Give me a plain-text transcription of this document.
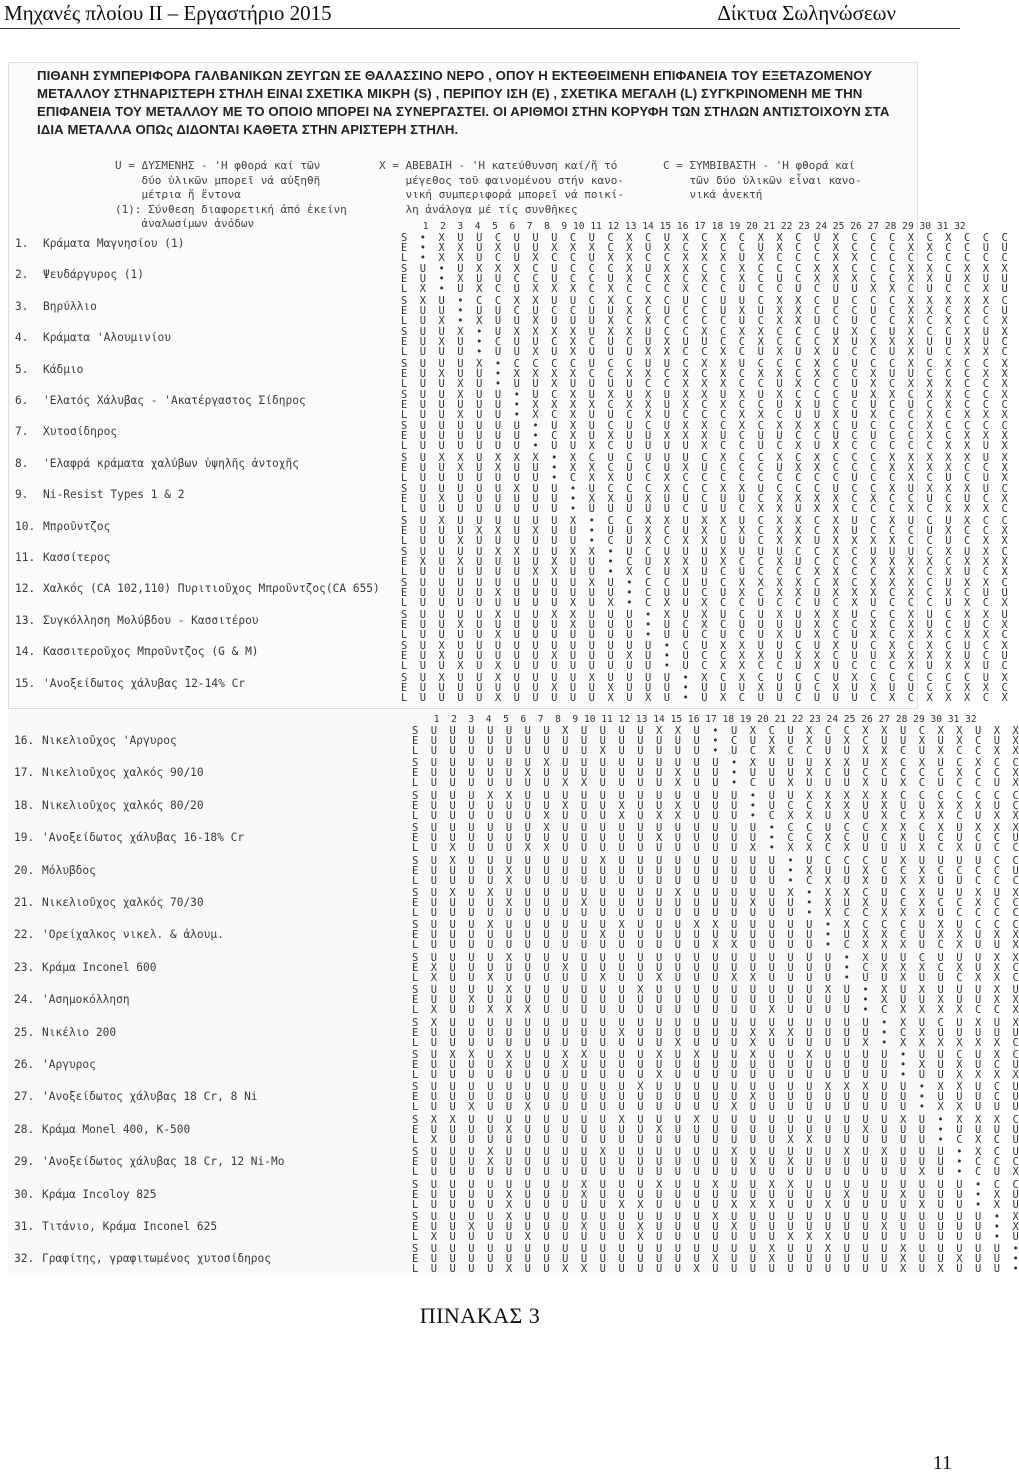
Μηχανές πλοίου ΙΙ – Εργαστήριο 2015	Δίκτυα Σωληνώσεων
ΠΙΘΑΝΗ ΣΥΜΠΕΡΙΦΟΡΑ ΓΑΛΒΑΝΙΚΩΝ ΖΕΥΓΩΝ ΣΕ ΘΑΛΑΣΣΙΝΟ ΝΕΡΟ , ΟΠΟΥ Η ΕΚΤΕΘΕΙΜΕΝΗ ΕΠΙΦΑΝΕΙΑ ΤΟΥ ΕΞΕΤΑΖΟΜΕΝΟΥ ΜΕΤΑΛΛΟΥ ΣΤΗΝΑΡΙΣΤΕΡΗ ΣΤΗΛΗ ΕΙΝΑΙ ΣΧΕΤΙΚΑ ΜΙΚΡΗ (S) , ΠΕΡΙΠΟΥ ΙΣΗ (E) , ΣΧΕΤΙΚΑ ΜΕΓΑΛΗ (L) ΣΥΓΚΡΙΝΟΜΕΝΗ ΜΕ ΤΗΝ ΕΠΙΦΑΝΕΙΑ ΤΟΥ ΜΕΤΑΛΛΟΥ ΜΕ ΤΟ ΟΠΟΙΟ ΜΠΟΡΕΙ ΝΑ ΣΥΝΕΡΓΑΣΤΕΙ. ΟΙ ΑΡΙΘΜΟΙ ΣΤΗΝ ΚΟΡΥΦΗ ΤΩΝ ΣΤΗΛΩΝ ΑΝΤΙΣΤΟΙΧΟΥΝ ΣΤΑ ΙΔΙΑ ΜΕΤΑΛΛΑ ΟΠΩς ΔΙΔΟΝΤΑΙ ΚΑΘΕΤΑ ΣΤΗΝ ΑΡΙΣΤΕΡΗ ΣΤΗΛΗ.
U = ΔΥΣΜΕΝΗΣ - 'Η φθορά καί τῶν
δύο ὑλικῶν μπορεῖ νά αὐξηθῆ
μέτρια ἤ ἔντονα
(1): Σύνθεση διαφορετική ἀπό ἐκείνη
ἀναλωσίμων ἀνόδων
X = ΑΒΕΒΑΙΗ - 'Η κατεύθυνση καί/ἤ τό
μέγεθος τοῦ φαινομένου στήν κανο-
νική συμπεριφορά μπορεῖ νά ποικί-
λη ἀνάλογα μέ τίς συνθῆκες
C = ΣΥΜΒΙΒΑΣΤΗ - 'Η φθορά καί
τῶν δύο ὑλικῶν εἶναι κανο-
νικά ἀνεκτή
1. Κράματα Μαγνησίου (1)
2. Ψευδάργυρος (1)
3. Βηρύλλιο
4. Κράματα 'Αλουμινίου
5. Κάδμιο
6. 'Ελατός Χάλυβας - 'Ακατέργαστος Σίδηρος
7. Χυτοσίδηρος
8. 'Ελαφρά κράματα χαλύβων ὑψηλῆς ἀντοχῆς
9. Ni-Resist Types 1 & 2
10. Μπροῦντζος
11. Κασσίτερος
12. Χαλκός (CA 102,110) Πυριτιοῦχος Μπροῦντζος(CA 655)
13. Συγκόλληση Μολύβδου - Κασσιτέρου
14. Κασσιτεροῦχος Μπροῦντζος (G & M)
15. 'Ανοξείδωτος χάλυβας 12-14% Cr
1  2  3  4  5  6  7  8  9 10 11 12 13 14 15 16 17 18 19 20 21 22 23 24 25 26 27 28 29 30 31 32
S  •  X  U  U  C  U  U  U  C  U  C  X  C  U  X  C  X  C  X  X  C  U  X  C  C  C  X  C  X  C  C  C
E  •  X  X  U  X  U  U  X  X  X  C  X  U  X  C  X  C  C  U  X  C  C  X  C  C  C  X  X  C  C  U  U
L  •  X  X  U  C  U  X  C  C  U  X  X  C  C  X  X  X  U  X  C  C  C  X  X  C  C  C  C  C  C  C  C
S  U  •  U  X  X  X  C  U  C  C  C  X  U  X  X  C  C  X  C  C  C  X  X  C  C  C  X  X  C  X  X  X
E  U  •  X  U  U  C  C  U  C  C  U  X  C  X  C  X  C  X  C  U  C  X  X  X  C  C  X  X  U  X  U  U
L  X  •  U  X  C  U  X  X  X  C  X  C  C  C  X  C  C  U  C  C  U  C  U  U  X  X  C  U  C  C  X  U
S  X  U  •  C  C  X  X  U  U  C  X  C  X  C  U  C  U  U  C  X  X  C  U  C  C  C  X  X  X  X  X  C
E  U  U  •  U  U  C  U  C  C  U  U  X  C  U  C  C  U  X  U  X  X  C  C  C  U  C  X  X  C  X  C  U
L  U  X  •  X  U  U  X  U  U  U  X  C  X  C  C  C  C  U  C  X  X  U  C  U  C  C  X  C  X  C  C  X
S  U  U  X  •  U  X  X  X  X  U  X  X  U  C  C  X  C  X  X  C  C  C  U  X  C  U  X  C  C  X  U  X
E  U  X  U  •  C  U  U  C  X  C  U  C  U  X  U  U  C  C  X  C  C  C  X  U  X  X  X  U  U  X  U  C
L  U  U  U  •  U  U  X  U  X  U  U  U  X  X  C  C  X  C  U  X  U  X  U  C  C  U  X  U  C  X  X  C
S  U  U  U  X  •  C  C  C  C  U  C  C  U  U  C  X  X  U  C  C  C  X  C  U  C  C  X  C  X  C  C  X
E  U  X  U  U  •  X  X  X  X  C  C  X  X  C  X  C  X  C  X  X  C  X  C  C  X  U  U  C  C  C  X  X
L  U  U  X  U  •  U  U  X  U  U  U  U  C  C  X  X  X  C  C  U  X  C  C  U  X  C  X  X  X  C  C  X
S  U  U  X  U  U  •  U  C  X  U  X  U  X  U  X  X  U  X  U  X  C  C  C  U  X  X  C  X  X  C  C  X
E  U  U  U  U  U  •  X  X  X  X  C  X  X  U  X  C  X  C  C  U  X  U  C  C  U  C  U  C  X  C  C  C
L  U  U  X  U  U  •  X  C  X  U  U  C  X  U  C  C  C  X  X  C  U  U  X  U  X  C  C  X  C  X  X  X
S  U  U  U  U  U  U  •  U  X  U  C  U  C  U  X  X  C  X  C  X  X  X  C  U  C  C  C  X  C  C  C  C
E  U  U  U  U  U  U  •  C  X  U  X  U  U  X  X  X  U  C  U  U  C  C  U  C  U  C  C  X  C  X  X  X
L  U  U  U  U  U  U  •  U  U  X  C  U  U  U  U  X  C  C  U  C  X  U  X  C  C  C  C  C  X  X  U  X
S  U  X  X  U  X  X  X  •  X  C  U  C  U  U  U  C  X  C  C  X  C  X  C  C  C  X  X  X  X  X  U  X
E  U  U  X  U  X  U  U  •  X  X  C  U  C  U  X  U  C  C  C  U  X  X  C  C  C  X  X  X  X  C  C  X
L  U  U  U  U  U  U  U  •  C  X  X  U  C  X  C  C  C  C  C  C  C  C  C  U  C  C  X  C  U  C  U  X
S  U  U  U  U  U  X  U  U  •  U  C  C  C  X  C  C  X  X  U  C  C  C  U  C  C  X  U  X  X  X  U  C
E  U  X  U  U  U  U  U  U  •  X  X  U  X  U  U  C  U  U  C  X  X  X  X  C  X  C  C  U  C  U  C  X
L  U  U  U  U  U  U  U  U  •  U  U  U  U  U  C  U  U  C  X  X  U  X  X  C  C  C  X  C  X  X  X  C
S  U  X  U  U  U  U  U  U  X  •  C  C  X  X  U  X  X  U  C  X  X  C  X  U  C  X  U  C  U  X  C  C
E  U  U  U  X  X  U  X  U  U  •  U  U  X  C  U  X  C  X  C  X  X  C  X  U  C  C  C  U  X  C  C  X
L  U  U  X  U  U  U  U  U  U  •  C  U  X  C  X  X  U  U  C  X  X  U  X  X  X  X  C  C  U  C  X  X
S  U  U  U  U  X  X  U  U  X  X  •  U  C  U  U  U  X  U  U  U  C  C  X  C  U  U  U  C  X  U  X  C
E  X  U  X  U  U  U  U  X  U  U  •  C  U  X  X  U  X  C  C  X  U  C  C  C  X  X  X  X  C  X  X  X
L  U  U  U  U  U  U  X  X  U  U  •  X  C  U  X  U  C  U  C  C  C  X  X  C  C  X  X  C  X  U  C  X
S  U  U  U  U  U  U  U  U  U  X  U  •  C  C  U  U  C  X  X  X  X  C  X  C  X  X  X  C  U  X  X  C
E  U  U  U  U  X  U  U  U  U  U  U  •  C  U  U  C  U  X  C  X  X  U  X  X  X  C  X  C  X  C  U  U
L  U  U  U  U  U  U  U  U  X  U  X  •  C  X  U  X  C  C  U  C  C  U  C  X  U  C  C  C  U  X  C  X
S  U  U  U  U  X  U  U  X  X  U  U  U  •  X  U  X  U  C  U  X  U  X  X  U  C  C  X  U  C  X  X  U
E  U  U  X  U  U  U  U  U  X  U  U  U  •  U  C  X  C  U  U  U  U  X  C  C  X  C  X  U  C  U  C  X
L  U  U  U  U  X  U  U  U  U  U  U  U  •  U  U  C  U  C  U  X  U  X  C  U  X  C  X  X  C  X  X  C
S  U  X  U  U  U  U  U  U  U  U  U  U  U  •  C  U  X  X  U  U  C  U  X  U  C  X  C  X  C  U  C  X
E  U  X  U  U  U  U  U  X  U  U  U  X  U  •  U  C  C  X  X  U  X  X  C  U  U  X  X  X  X  U  C  U
L  U  U  X  U  X  U  U  U  U  U  U  U  U  •  U  C  X  X  C  C  U  X  U  C  C  C  X  U  X  X  U  C
S  U  X  U  U  X  U  U  U  U  X  U  U  U  U  •  X  C  X  C  U  C  C  U  X  C  C  C  C  C  C  U  X
E  U  U  U  U  U  U  U  X  U  U  X  U  U  U  •  U  U  U  X  U  U  C  X  U  X  U  U  C  C  X  X  C
L  U  U  U  U  X  U  U  U  U  U  X  U  X  U  •  U  X  C  U  U  C  U  U  U  C  X  C  X  X  X  C  X
16. Νικελιοῦχος 'Αργυρος
17. Νικελιοῦχος χαλκός 90/10
18. Νικελιοῦχος χαλκός 80/20
19. 'Ανοξείδωτος χάλυβας 16-18% Cr
20. Μόλυβδος
21. Νικελιοῦχος χαλκός 70/30
22. 'Ορείχαλκος νικελ. & ἀλουμ.
23. Κράμα Inconel 600
24. 'Ασημοκόλληση
25. Νικέλιο 200
26. 'Αργυρος
27. 'Ανοξείδωτος χάλυβας 18 Cr, 8 Ni
28. Κράμα Monel 400, K-500
29. 'Ανοξείδωτος χάλυβας 18 Cr, 12 Ni-Mo
30. Κράμα Incoloy 825
31. Τιτάνιο, Κράμα Inconel 625
32. Γραφίτης, γραφιτωμένος χυτοσίδηρος
1  2  3  4  5  6  7  8  9 10 11 12 13 14 15 16 17 18 19 20 21 22 23 24 25 26 27 28 29 30 31 32
S  U  U  U  U  U  U  U  X  U  U  U  U  X  X  U  •  U  X  C  U  X  C  C  X  X  U  C  X  X  U  X  X
E  U  U  U  U  U  U  U  U  U  U  U  U  U  U  U  •  C  U  X  U  X  U  X  C  U  U  X  U  X  C  U  X
L  U  U  U  U  U  U  U  U  U  X  U  U  U  U  U  •  U  C  X  C  C  U  U  X  X  C  U  X  C  C  X  X
S  U  U  U  U  U  U  X  U  U  U  U  U  U  U  U  U  •  X  U  U  U  X  X  U  X  C  X  U  C  X  C  C
E  U  U  U  U  U  X  U  U  U  U  U  U  U  X  U  U  •  U  U  U  X  C  U  C  C  C  C  C  X  C  C  X
L  U  U  U  U  U  U  U  X  X  U  U  U  U  X  U  U  •  C  U  X  U  U  U  X  U  X  C  U  C  C  U  X
S  U  U  U  X  X  U  U  U  U  U  U  U  U  U  U  U  U  •  U  U  X  X  X  X  X  C  C  C  C  C  C  C
E  U  U  U  U  U  U  U  X  U  U  X  U  U  X  U  U  U  •  U  C  C  X  X  U  X  U  U  X  X  X  U  C
L  U  U  U  U  U  U  X  U  U  U  X  U  X  X  U  U  U  •  C  X  X  U  X  U  X  C  X  X  C  U  X  X
S  U  U  U  U  U  U  X  U  U  U  U  U  U  U  U  U  U  U  •  C  C  U  C  C  X  X  C  X  U  X  X  X
E  U  U  U  U  U  U  U  U  U  U  U  U  X  U  U  U  U  U  •  C  C  X  C  U  C  X  U  C  U  C  C  U
L  U  X  U  U  U  X  X  U  U  U  U  U  U  U  U  U  U  X  •  X  X  C  X  U  U  U  X  C  X  U  C  C
S  U  X  U  U  U  U  U  U  U  X  U  U  U  U  U  U  U  U  U  •  U  C  C  C  U  X  U  U  U  U  C  C
E  U  U  U  U  X  U  U  U  U  U  U  U  U  U  U  U  U  U  U  •  X  U  U  X  C  C  X  C  C  C  C  U
L  U  U  U  U  X  U  U  U  U  U  U  U  U  U  U  U  U  U  U  •  C  X  U  X  U  X  X  U  U  C  C  C
S  U  X  U  X  U  U  U  U  U  U  U  U  U  X  U  U  U  U  U  X  •  X  X  C  U  C  X  U  U  X  U  X
E  U  U  U  U  X  U  U  U  X  U  U  U  U  U  U  U  U  X  U  U  •  X  U  X  U  C  X  C  C  X  C  C
L  U  U  U  U  U  U  U  U  U  U  U  U  U  U  U  U  U  U  U  U  •  X  C  C  X  X  X  U  C  C  C  C
S  U  U  U  X  U  U  U  U  U  U  X  U  U  U  X  X  U  U  U  U  U  •  X  C  C  C  U  X  U  C  C  C
E  U  U  U  U  U  U  U  U  U  X  U  U  U  U  U  U  U  U  U  U  U  •  U  X  X  C  U  X  X  U  X  X
L  U  U  U  U  U  U  U  U  U  U  U  U  U  U  U  X  X  U  U  U  U  •  C  X  X  X  U  C  X  U  U  X
S  U  U  U  U  X  U  U  U  U  U  U  U  U  U  U  U  U  U  U  U  U  U  •  X  U  U  C  U  U  U  X  X
E  X  U  U  U  U  U  U  X  U  U  U  U  U  U  U  U  U  U  U  U  U  U  •  C  X  X  X  C  X  U  X  C
L  X  U  U  X  U  U  U  U  U  X  U  U  X  U  U  U  X  X  U  U  U  U  •  U  U  X  U  U  C  X  X  C
S  U  U  U  U  X  U  U  U  U  U  U  X  U  U  U  U  U  U  U  U  U  X  U  •  X  U  X  U  U  U  X  U
E  U  U  X  U  U  U  U  U  U  U  U  U  U  U  U  U  U  U  U  U  U  U  U  •  X  U  U  X  U  U  X  X
L  X  U  U  X  X  X  U  U  U  U  U  U  U  U  U  U  U  U  X  U  U  U  U  •  C  X  X  X  X  C  C  X
S  X  U  U  U  U  U  U  U  U  U  U  U  U  U  U  U  U  U  U  U  U  U  U  U  •  X  U  C  U  X  U  X
E  U  U  U  U  U  U  U  U  U  U  X  U  U  U  U  U  U  X  X  X  U  U  U  U  •  C  X  U  U  U  U  U
L  U  U  U  U  U  U  U  U  U  U  U  U  U  X  U  U  U  X  U  U  U  U  U  X  •  X  X  X  X  X  X  C
S  U  X  X  U  X  U  U  X  X  U  U  U  X  U  X  U  U  X  U  U  X  U  U  U  U  •  U  U  C  U  X  C
E  U  U  U  U  X  U  U  X  U  U  U  U  U  U  U  U  U  U  U  U  U  U  U  U  U  •  X  U  X  U  C  U
L  U  U  U  U  U  U  U  U  U  U  U  U  X  U  U  U  U  U  U  U  U  U  U  U  U  •  U  U  X  X  X  X
S  U  U  U  U  U  U  U  U  U  U  U  X  U  U  U  U  U  U  U  U  U  X  X  X  U  U  •  X  X  U  C  U
E  U  U  U  U  U  U  U  U  U  U  U  U  U  U  U  U  U  X  U  U  U  U  U  U  U  U  •  U  U  U  C  U
L  U  U  X  U  U  X  U  U  U  U  U  U  U  U  U  U  X  U  U  U  U  U  U  U  U  U  •  X  X  U  U  U
S  X  X  U  U  U  U  U  U  U  U  X  U  U  U  X  U  U  U  U  U  U  U  U  U  U  X  U  •  X  X  X  C
E  U  U  U  U  X  U  U  U  U  U  U  U  X  U  U  U  U  U  U  U  U  U  U  X  U  U  U  •  U  U  U  U
L  X  U  U  U  U  U  U  U  U  U  U  U  U  U  U  U  U  U  U  X  X  U  U  U  U  U  U  •  C  X  C  U
S  U  U  U  X  U  U  U  U  U  X  U  U  U  U  U  U  X  U  U  U  U  U  X  U  X  U  U  U  •  X  C  U
E  U  U  U  X  U  U  U  U  U  U  U  U  U  U  U  U  U  X  U  X  U  U  U  U  U  U  U  U  •  C  C  C
L  U  U  U  U  U  U  U  U  U  U  U  U  U  U  U  U  U  U  U  U  U  U  U  U  U  U  X  U  •  C  U  X
S  U  U  U  U  U  U  U  U  X  U  U  U  X  U  U  X  U  U  X  X  U  U  U  U  U  U  U  U  U  •  C  C
E  U  U  U  U  X  U  U  U  X  U  U  U  U  U  U  U  U  U  U  U  U  U  X  U  U  X  U  U  U  •  X  U
L  U  U  U  U  X  U  U  U  U  U  X  X  U  U  U  U  X  X  X  U  U  X  U  U  U  U  X  U  U  •  X  U
S  U  U  U  U  X  U  U  U  U  U  U  U  U  U  U  X  U  U  U  U  U  U  U  U  U  U  U  U  U  U  •  X
E  U  U  X  U  U  U  U  U  X  U  U  X  U  U  U  U  X  U  U  U  U  U  U  U  X  U  U  U  U  U  •  X
L  X  U  U  U  U  X  U  U  U  U  U  X  U  U  U  U  U  U  U  X  X  X  U  U  U  U  U  U  U  U  •  U
S  U  U  U  U  U  U  U  U  U  U  U  U  U  U  U  U  U  U  X  U  U  X  U  U  U  X  U  U  U  U  U  •
E  U  U  U  U  U  U  U  U  U  U  U  U  U  U  U  X  U  U  X  U  U  U  U  U  U  X  U  U  X  U  U  •
L  U  U  U  U  X  U  U  X  X  U  U  U  U  U  X  U  U  U  U  U  U  U  U  U  U  X  U  X  U  U  U  •
ΠΙΝΑΚΑΣ 3
11
